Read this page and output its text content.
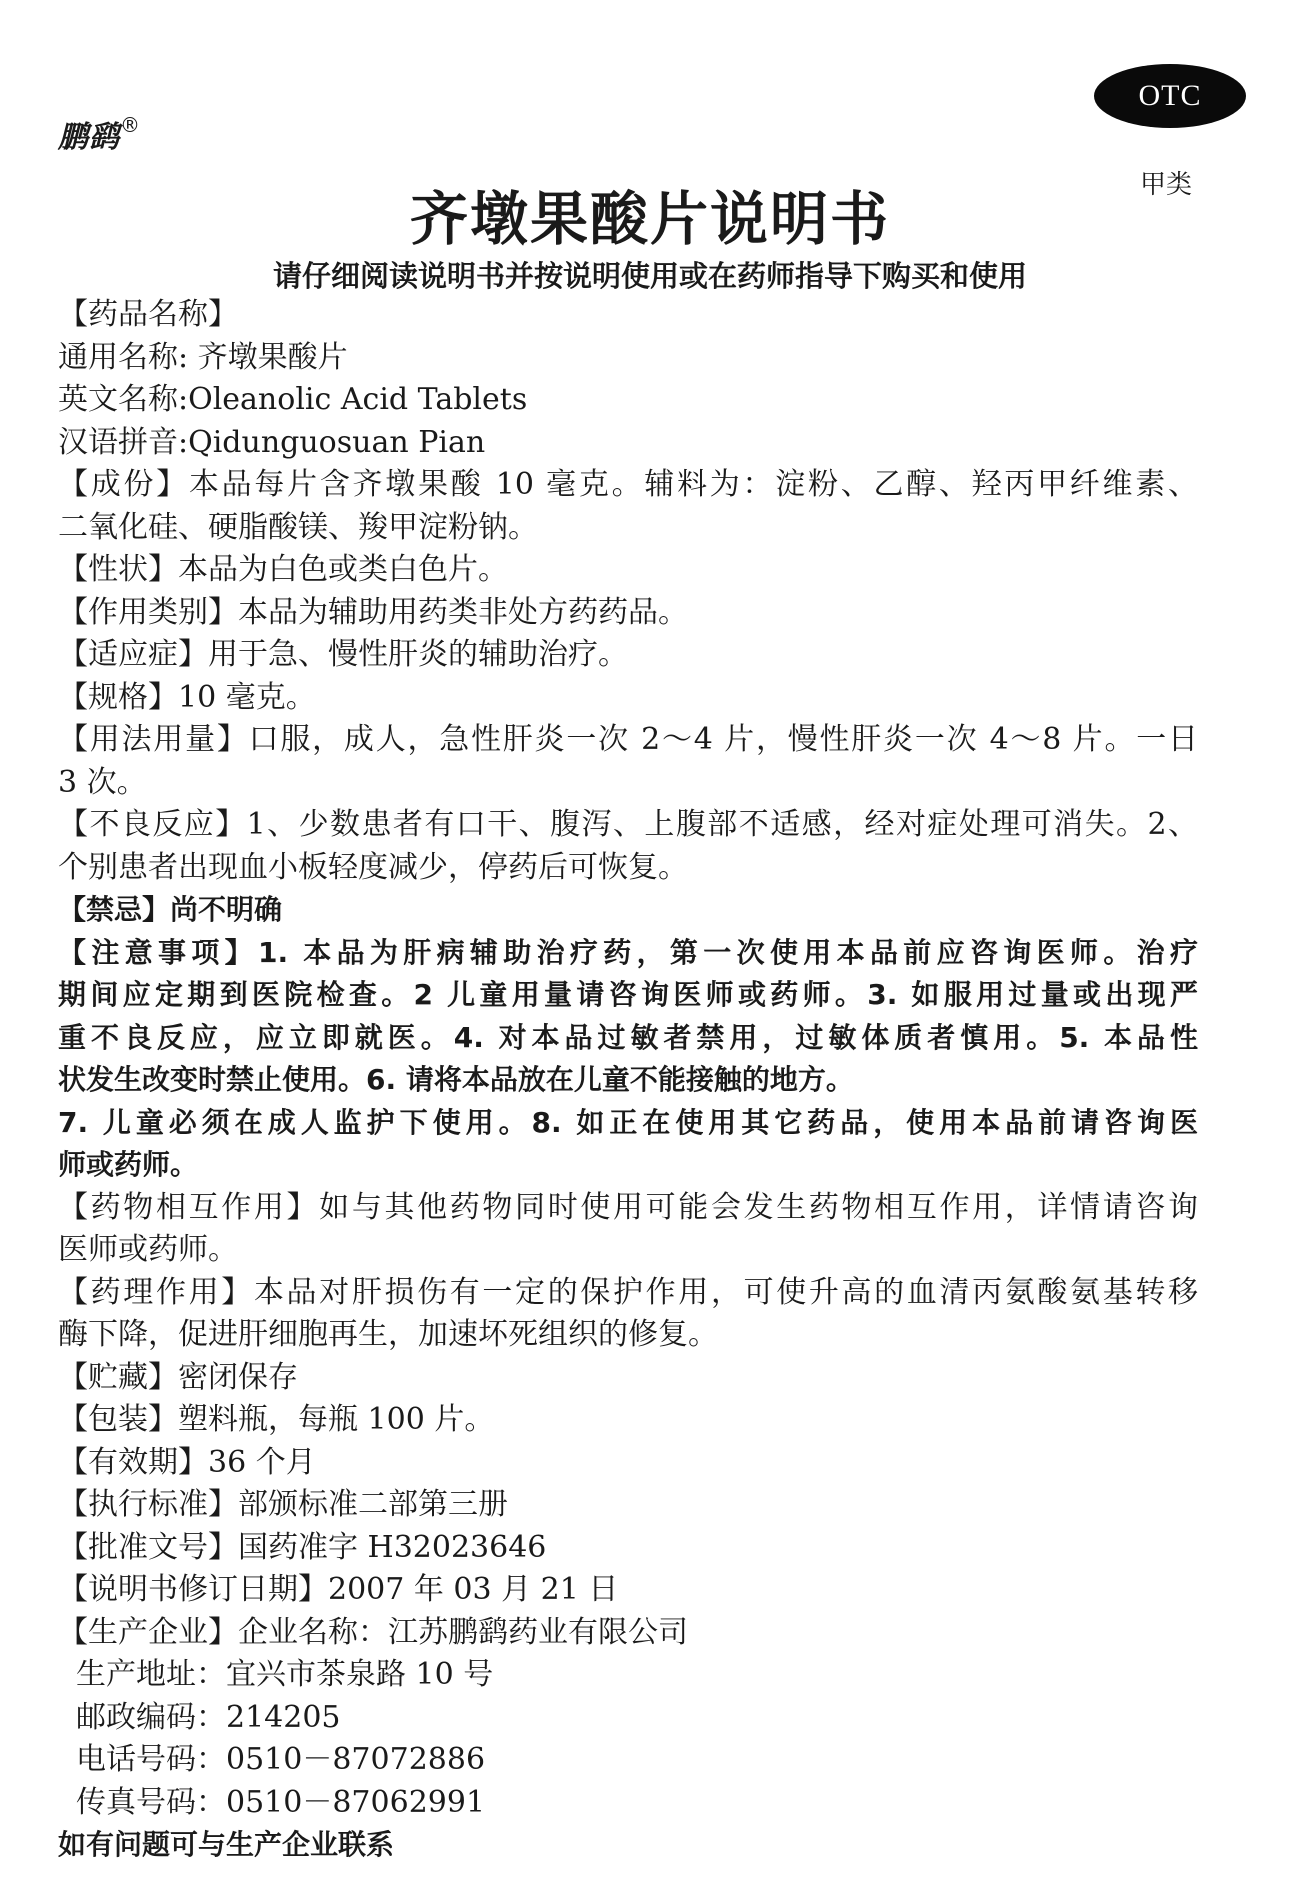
鹏鹞®
OTC
甲类
齐墩果酸片说明书
请仔细阅读说明书并按说明使用或在药师指导下购买和使用
【药品名称】
通用名称: 齐墩果酸片
英文名称:Oleanolic Acid Tablets
汉语拼音:Qidunguosuan Pian
【成份】本品每片含齐墩果酸 10 毫克。辅料为：淀粉、乙醇、羟丙甲纤维素、
二氧化硅、硬脂酸镁、羧甲淀粉钠。
【性状】本品为白色或类白色片。
【作用类别】本品为辅助用药类非处方药药品。
【适应症】用于急、慢性肝炎的辅助治疗。
【规格】10 毫克。
【用法用量】口服，成人，急性肝炎一次 2～4 片，慢性肝炎一次 4～8 片。一日
3 次。
【不良反应】1、少数患者有口干、腹泻、上腹部不适感，经对症处理可消失。2、
个别患者出现血小板轻度减少，停药后可恢复。
【禁忌】尚不明确
【注意事项】1. 本品为肝病辅助治疗药，第一次使用本品前应咨询医师。治疗
期间应定期到医院检查。2 儿童用量请咨询医师或药师。3. 如服用过量或出现严
重不良反应，应立即就医。4. 对本品过敏者禁用，过敏体质者慎用。5. 本品性
状发生改变时禁止使用。6. 请将本品放在儿童不能接触的地方。
7. 儿童必须在成人监护下使用。8. 如正在使用其它药品，使用本品前请咨询医
师或药师。
【药物相互作用】如与其他药物同时使用可能会发生药物相互作用，详情请咨询
医师或药师。
【药理作用】本品对肝损伤有一定的保护作用，可使升高的血清丙氨酸氨基转移
酶下降，促进肝细胞再生，加速坏死组织的修复。
【贮藏】密闭保存
【包装】塑料瓶，每瓶 100 片。
【有效期】36 个月
【执行标准】部颁标准二部第三册
【批准文号】国药准字 H32023646
【说明书修订日期】2007 年 03 月 21 日
【生产企业】企业名称：江苏鹏鹞药业有限公司
生产地址：宜兴市茶泉路 10 号
邮政编码：214205
电话号码：0510－87072886
传真号码：0510－87062991
如有问题可与生产企业联系
